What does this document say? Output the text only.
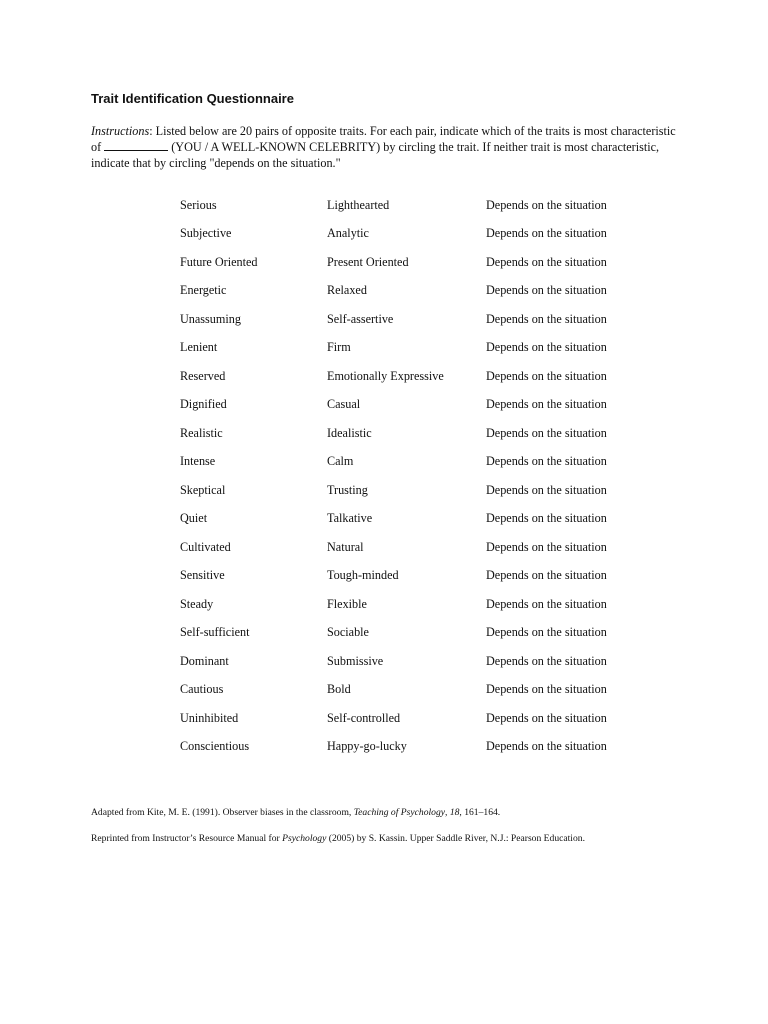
Trait Identification Questionnaire

Instructions: Listed below are 20 pairs of opposite traits. For each pair, indicate which of the traits is most characteristic of	(YOU / A WELL-KNOWN CELEBRITY) by circling the trait. If neither trait is most characteristic, indicate that by circling "depends on the situation."

Serious	Lighthearted	Depends on the situation
Subjective	Analytic	Depends on the situation
Future Oriented	Present Oriented	Depends on the situation
Energetic	Relaxed	Depends on the situation
Unassuming	Self-assertive	Depends on the situation
Lenient	Firm	Depends on the situation
Reserved	Emotionally Expressive	Depends on the situation
Dignified	Casual	Depends on the situation
Realistic	Idealistic	Depends on the situation
Intense	Calm	Depends on the situation
Skeptical	Trusting	Depends on the situation
Quiet	Talkative	Depends on the situation
Cultivated	Natural	Depends on the situation
Sensitive	Tough-minded	Depends on the situation
Steady	Flexible	Depends on the situation
Self-sufficient	Sociable	Depends on the situation
Dominant	Submissive	Depends on the situation
Cautious	Bold	Depends on the situation
Uninhibited	Self-controlled	Depends on the situation
Conscientious	Happy-go-lucky	Depends on the situation

Adapted from Kite, M. E. (1991). Observer biases in the classroom, Teaching of Psychology, 18, 161–164.

Reprinted from Instructor’s Resource Manual for Psychology (2005) by S. Kassin. Upper Saddle River, N.J.: Pearson Education.
